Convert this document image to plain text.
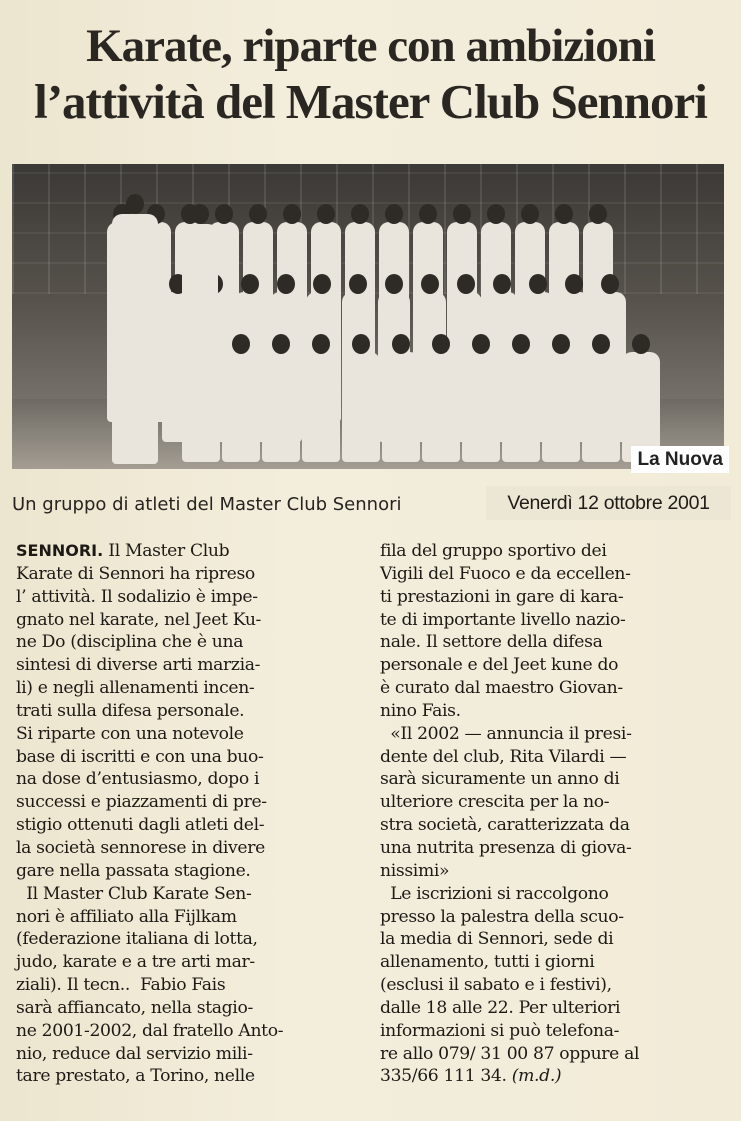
Karate, riparte con ambizioni
l’attività del Master Club Sennori
La Nuova
Un gruppo di atleti del Master Club Sennori	Venerdì 12 ottobre 2001
SENNORI. Il Master Club
Karate di Sennori ha ripreso
l’ attività. Il sodalizio è impe-
gnato nel karate, nel Jeet Ku-
ne Do (disciplina che è una
sintesi di diverse arti marzia-
li) e negli allenamenti incen-
trati sulla difesa personale.
Si riparte con una notevole
base di iscritti e con una buo-
na dose d’entusiasmo, dopo i
successi e piazzamenti di pre-
stigio ottenuti dagli atleti del-
la società sennorese in divere
gare nella passata stagione.
Il Master Club Karate Sen-
nori è affiliato alla Fijlkam
(federazione italiana di lotta,
judo, karate e a tre arti mar-
ziali). Il tecn..  Fabio Fais
sarà affiancato, nella stagio-
ne 2001-2002, dal fratello Anto-
nio, reduce dal servizio mili-
tare prestato, a Torino, nelle
fila del gruppo sportivo dei
Vigili del Fuoco e da eccellen-
ti prestazioni in gare di kara-
te di importante livello nazio-
nale. Il settore della difesa
personale e del Jeet kune do
è curato dal maestro Giovan-
nino Fais.
«Il 2002 — annuncia il presi-
dente del club, Rita Vilardi —
sarà sicuramente un anno di
ulteriore crescita per la no-
stra società, caratterizzata da
una nutrita presenza di giova-
nissimi»
Le iscrizioni si raccolgono
presso la palestra della scuo-
la media di Sennori, sede di
allenamento, tutti i giorni
(esclusi il sabato e i festivi),
dalle 18 alle 22. Per ulteriori
informazioni si può telefona-
re allo 079/ 31 00 87 oppure al
335/66 111 34. (m.d.)
